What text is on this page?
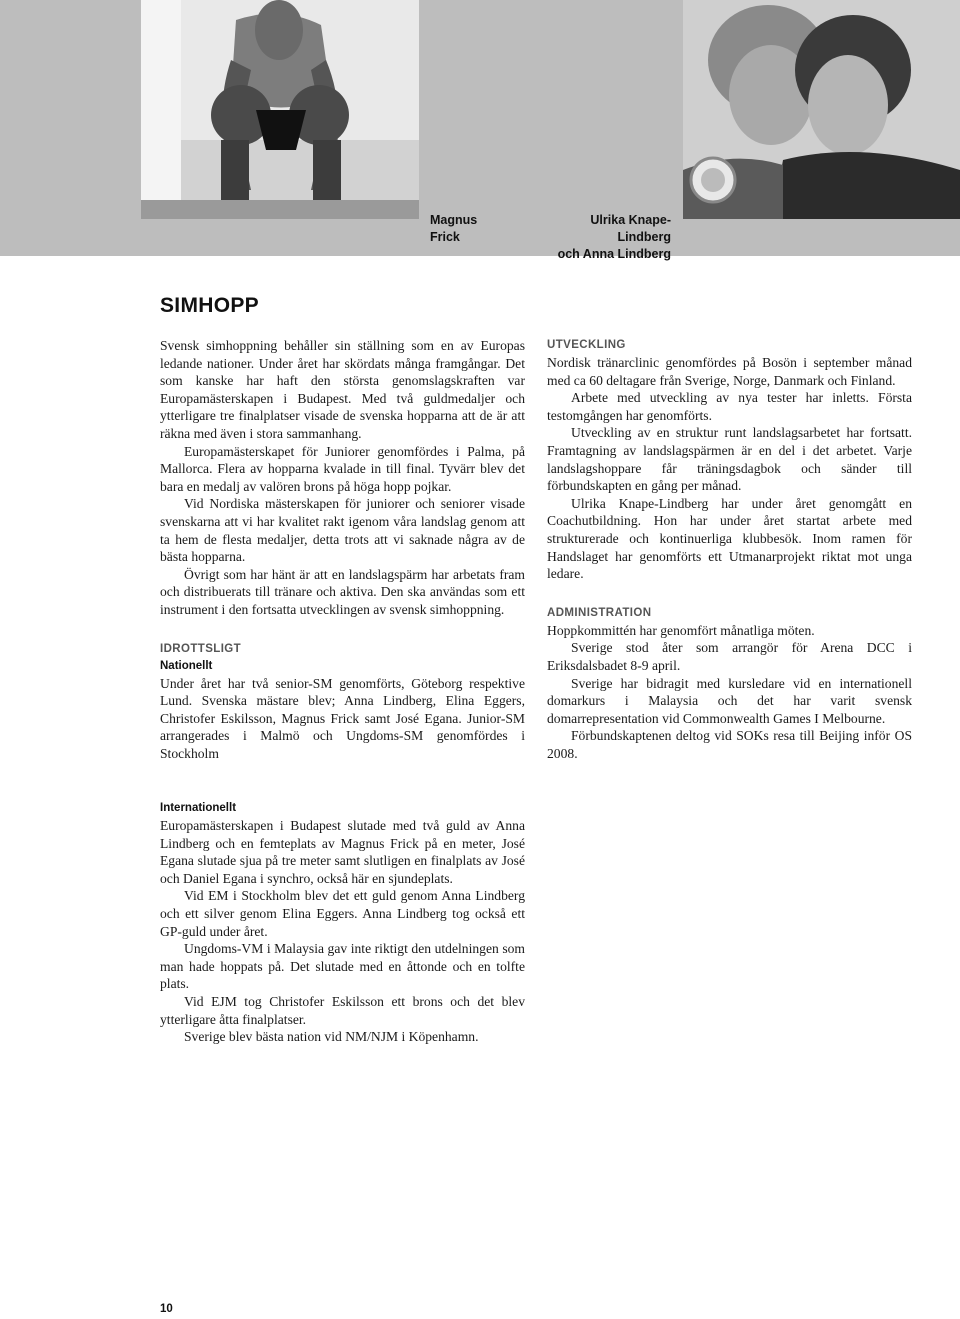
Magnus
Frick
Ulrika Knape-Lindberg
och Anna Lindberg
SIMHOPP

Svensk simhoppning behåller sin ställning som en av Europas ledande nationer. Under året har skördats många framgångar. Det som kanske har haft den största genomslagskraften var Europamästerskapen i Budapest. Med två guldmedaljer och ytterligare tre finalplatser visade de svenska hopparna att de är att räkna med även i stora sammanhang.

Europamästerskapet för Juniorer genomfördes i Palma, på Mallorca. Flera av hopparna kvalade in till final. Tyvärr blev det bara en medalj av valören brons på höga hopp pojkar.

Vid Nordiska mästerskapen för juniorer och seniorer visade svenskarna att vi har kvalitet rakt igenom våra landslag genom att ta hem de flesta medaljer, detta trots att vi saknade några av de bästa hopparna.

Övrigt som har hänt är att en landslagspärm har arbetats fram och distribuerats till tränare och aktiva. Den ska användas som ett instrument i den fortsatta utvecklingen av svensk simhoppning.

IDROTTSLIGT
Nationellt

Under året har två senior-SM genomförts, Göteborg respektive Lund. Svenska mästare blev; Anna Lindberg, Elina Eggers, Christofer Eskilsson, Magnus Frick samt José Egana. Junior-SM arrangerades i Malmö och Ungdoms-SM genomfördes i Stockholm

UTVECKLING

Nordisk tränarclinic genomfördes på Bosön i september månad med ca 60 deltagare från Sverige, Norge, Danmark och Finland.

Arbete med utveckling av nya tester har inletts. Första testomgången har genomförts.

Utveckling av en struktur runt landslagsarbetet har fortsatt. Framtagning av landslagspärmen är en del i det arbetet. Varje landslagshoppare får träningsdagbok och sänder till förbundskapten en gång per månad.

Ulrika Knape-Lindberg har under året genomgått en Coachutbildning. Hon har under året startat arbete med strukturerade och kontinuerliga klubbesök. Inom ramen för Handslaget har genomförts ett Utmanarprojekt riktat mot unga ledare.

ADMINISTRATION

Hoppkommittén har genomfört månatliga möten.

Sverige stod åter som arrangör för Arena DCC i Eriksdalsbadet 8-9 april.

Sverige har bidragit med kursledare vid en internationell domarkurs i Malaysia och det har varit svensk domarrepresentation vid Commonwealth Games I Melbourne.

Förbundskaptenen deltog vid SOKs resa till Beijing inför OS 2008.

Internationellt

Europamästerskapen i Budapest slutade med två guld av Anna Lindberg och en femteplats av Magnus Frick på en meter, José Egana slutade sjua på tre meter samt slutligen en finalplats av José och Daniel Egana i synchro, också här en sjundeplats.

Vid EM i Stockholm blev det ett guld genom Anna Lindberg och ett silver genom Elina Eggers. Anna Lindberg tog också ett GP-guld under året.

Ungdoms-VM i Malaysia gav inte riktigt den utdelningen som man hade hoppats på. Det slutade med en åttonde och en tolfte plats.

Vid EJM tog Christofer Eskilsson ett brons och det blev ytterligare åtta finalplatser.

Sverige blev bästa nation vid NM/NJM i Köpenhamn.

10
